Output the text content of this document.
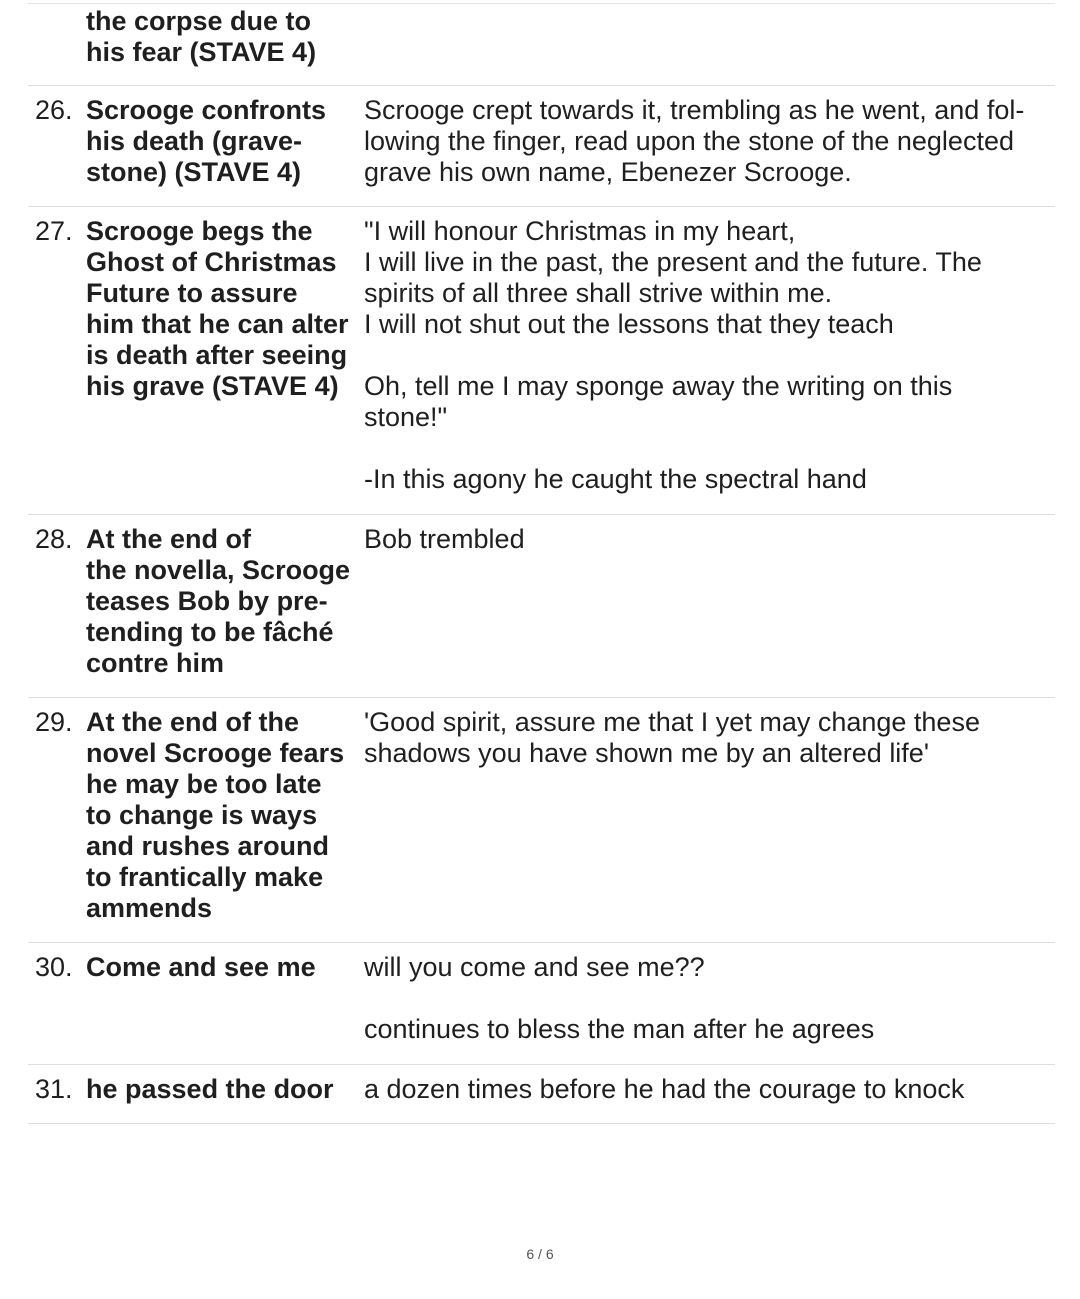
the corpse due to
his fear (STAVE 4)
26. Scrooge confronts
his death (grave-
stone) (STAVE 4)
Scrooge crept towards it, trembling as he went, and fol-
lowing the finger, read upon the stone of the neglected
grave his own name, Ebenezer Scrooge.
27. Scrooge begs the
Ghost of Christmas
Future to assure
him that he can alter
is death after seeing
his grave (STAVE 4)
"I will honour Christmas in my heart,
I will live in the past, the present and the future. The
spirits of all three shall strive within me.
I will not shut out the lessons that they teach

Oh, tell me I may sponge away the writing on this
stone!"

-In this agony he caught the spectral hand
28. At the end of
the novella, Scrooge
teases Bob by pre-
tending to be fâché
contre him
Bob trembled
29. At the end of the
novel Scrooge fears
he may be too late
to change is ways
and rushes around
to frantically make
ammends
'Good spirit, assure me that I yet may change these
shadows you have shown me by an altered life'
30. Come and see me	will you come and see me??

continues to bless the man after he agrees
31. he passed the door	a dozen times before he had the courage to knock
6 / 6
